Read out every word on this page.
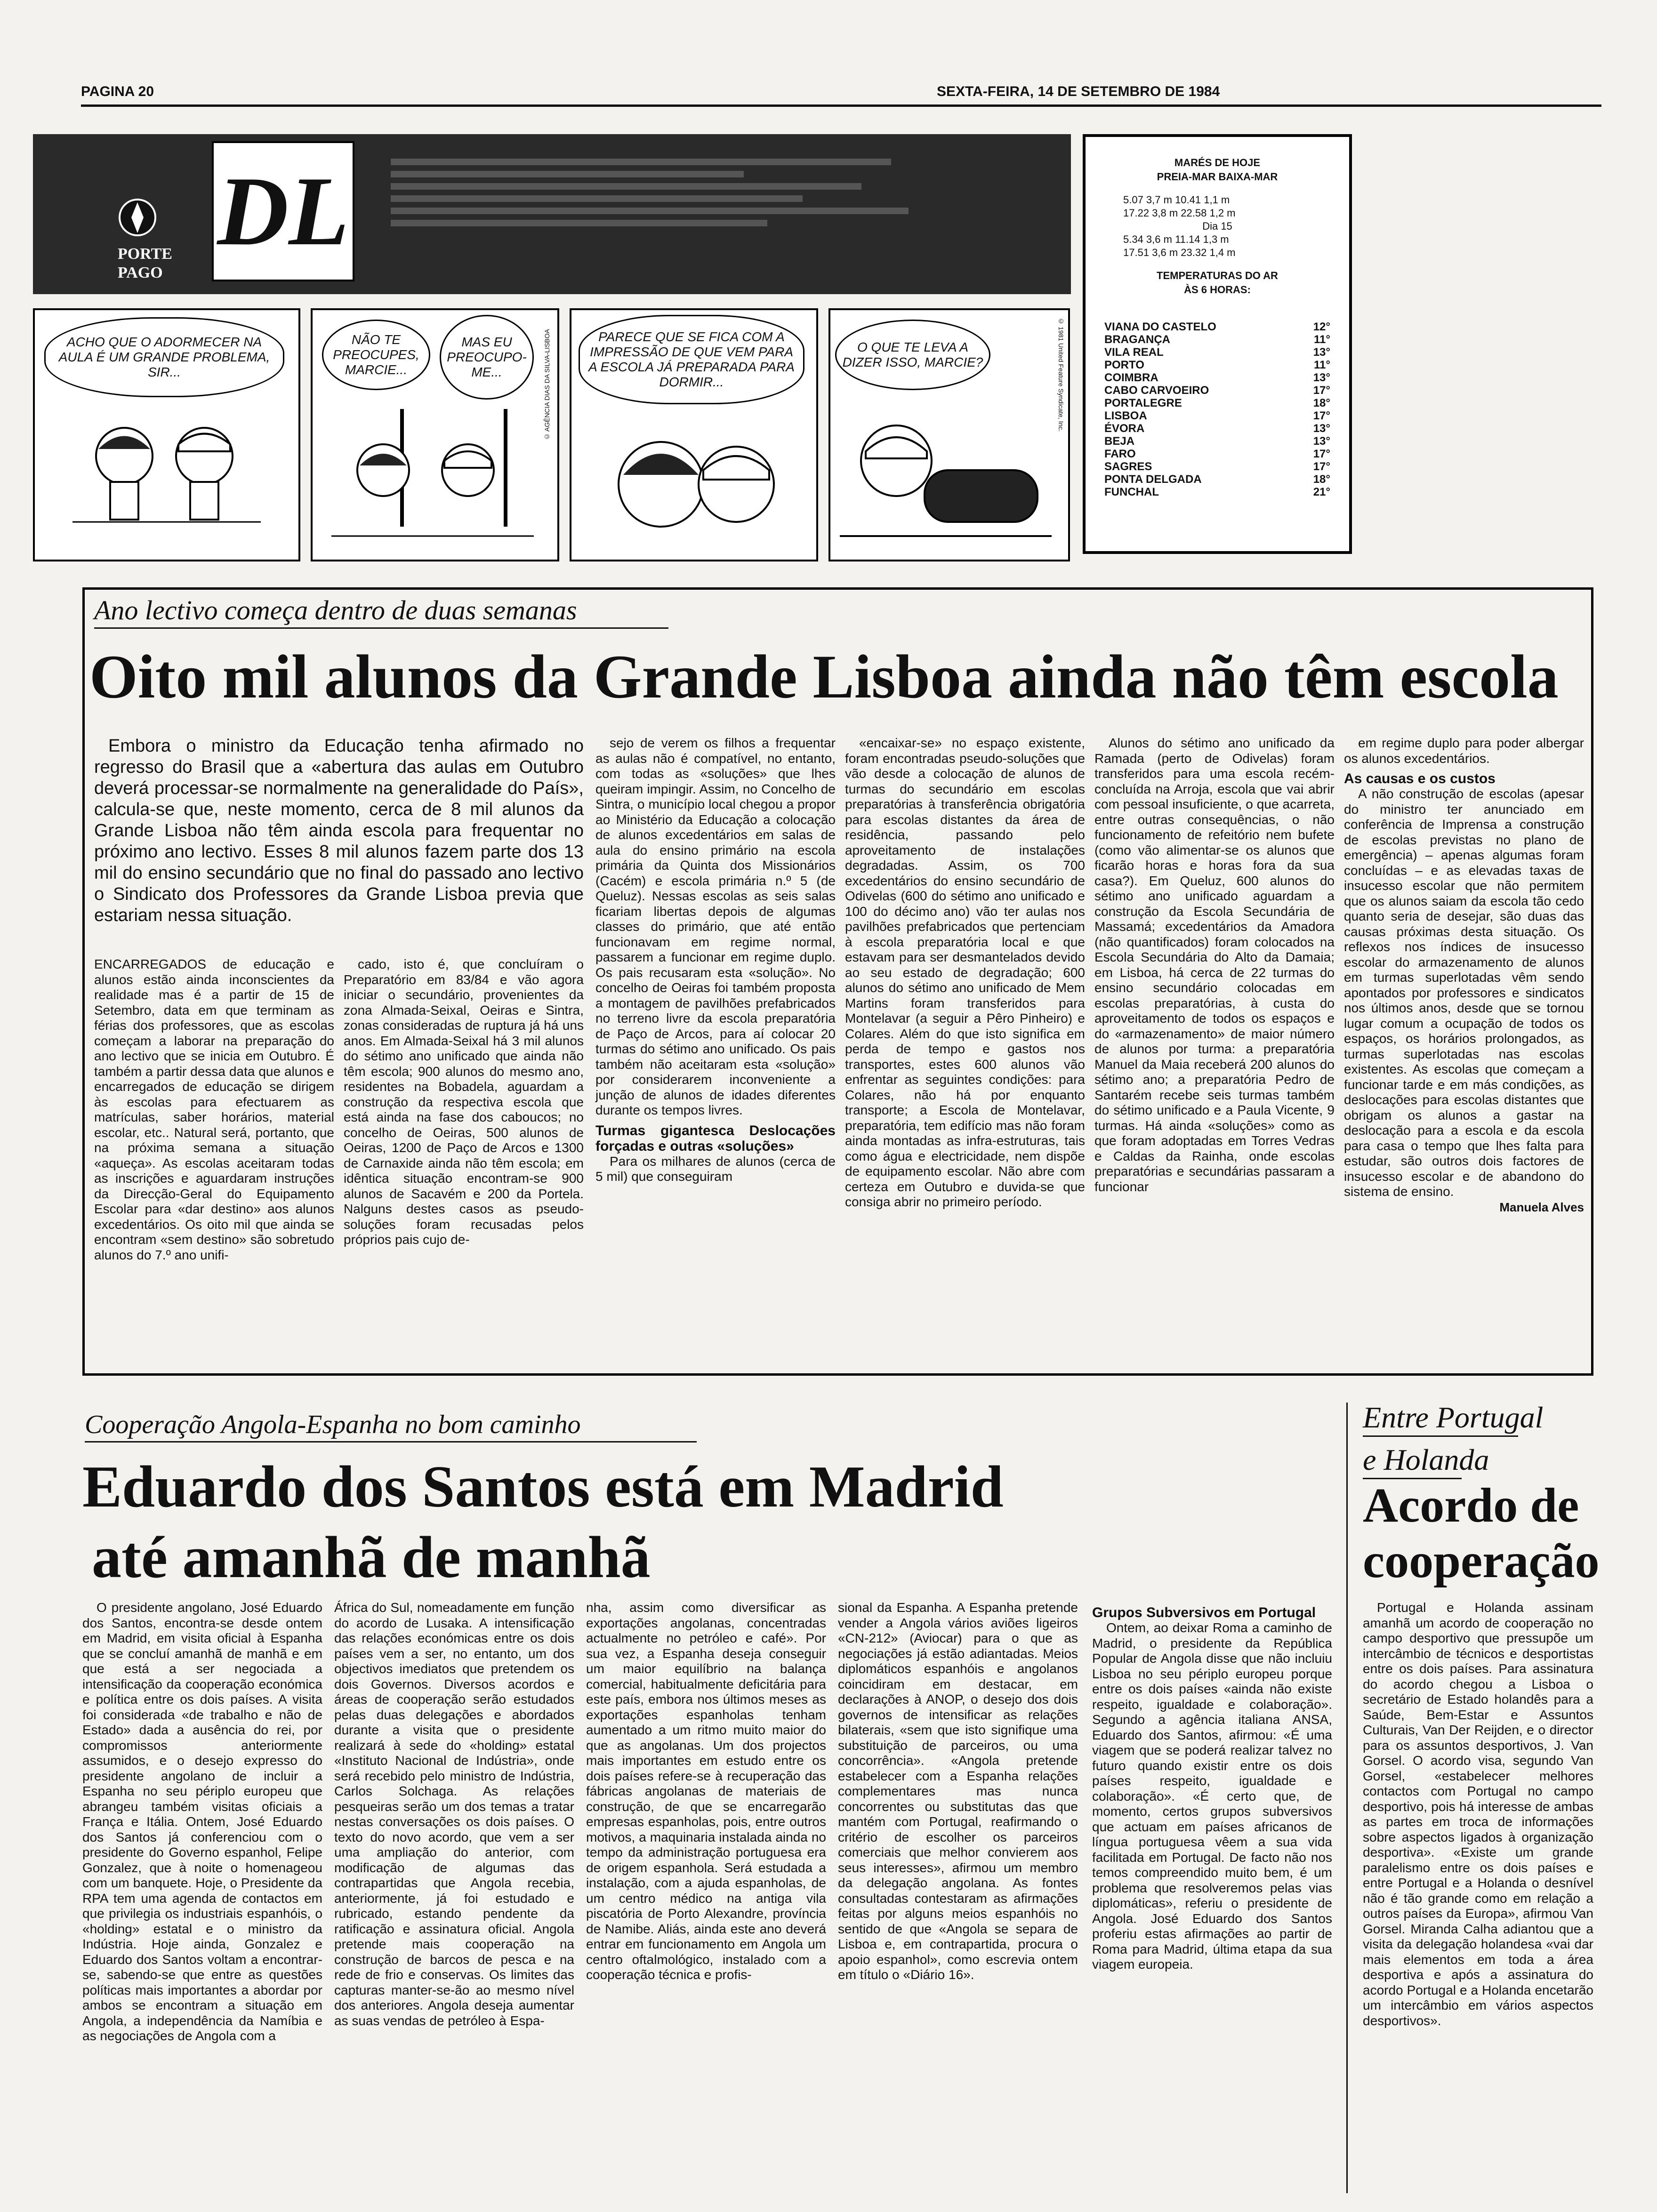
PAGINA 20	SEXTA-FEIRA, 14 DE SETEMBRO DE 1984
DL
PORTE
PAGO
ACHO QUE O ADORMECER NA AULA É UM GRANDE PROBLEMA, SIR...
NÃO TE PREOCUPES, MARCIE...
MAS EU PREOCUPO-ME...	© AGÊNCIA DIAS DA SILVA-LISBOA	PARECE QUE SE FICA COM A IMPRESSÃO DE QUE VEM PARA A ESCOLA JÁ PREPARADA PARA DORMIR...
O QUE TE LEVA A DIZER ISSO, MARCIE?	© 1981 United Feature Syndicate, Inc.
MARÉS DE HOJE
PREIA-MAR BAIXA-MAR
5.07 3,7 m 10.41 1,1 m
17.22 3,8 m 22.58 1,2 m
Dia 15
5.34 3,6 m 11.14 1,3 m
17.51 3,6 m 23.32 1,4 m
TEMPERATURAS DO AR
ÀS 6 HORAS:
VIANA DO CASTELO	12°
BRAGANÇA	11°
VILA REAL	13°
PORTO	11°
COIMBRA	13°
CABO CARVOEIRO	17°
PORTALEGRE	18°
LISBOA	17°
ÉVORA	13°
BEJA	13°
FARO	17°
SAGRES	17°
PONTA DELGADA	18°
FUNCHAL	21°
Ano lectivo começa dentro de duas semanas
Oito mil alunos da Grande Lisboa ainda não têm escola

Embora o ministro da Educação tenha afirmado no regresso do Brasil que a «abertura das aulas em Outubro deverá processar-se normalmente na generalidade do País», calcula-se que, neste momento, cerca de 8 mil alunos da Grande Lisboa não têm ainda escola para frequentar no próximo ano lectivo. Esses 8 mil alunos fazem parte dos 13 mil do ensino secundário que no final do passado ano lectivo o Sindicato dos Professores da Grande Lisboa previa que estariam nessa situação.

ENCARREGADOS de educação e alunos estão ainda inconscientes da realidade mas é a partir de 15 de Setembro, data em que terminam as férias dos professores, que as escolas começam a laborar na preparação do ano lectivo que se inicia em Outubro. É também a partir dessa data que alunos e encarregados de educação se dirigem às escolas para efectuarem as matrículas, saber horários, material escolar, etc.. Natural será, portanto, que na próxima semana a situação «aqueça». As escolas aceitaram todas as inscrições e aguardaram instruções da Direcção-Geral do Equipamento Escolar para «dar destino» aos alunos excedentários. Os oito mil que ainda se encontram «sem destino» são sobretudo alunos do 7.º ano unifi-

cado, isto é, que concluíram o Preparatório em 83/84 e vão agora iniciar o secundário, provenientes da zona Almada-Seixal, Oeiras e Sintra, zonas consideradas de ruptura já há uns anos. Em Almada-Seixal há 3 mil alunos do sétimo ano unificado que ainda não têm escola; 900 alunos do mesmo ano, residentes na Bobadela, aguardam a construção da respectiva escola que está ainda na fase dos caboucos; no concelho de Oeiras, 500 alunos de Oeiras, 1200 de Paço de Arcos e 1300 de Carnaxide ainda não têm escola; em idêntica situação encontram-se 900 alunos de Sacavém e 200 da Portela. Nalguns destes casos as pseudo-soluções foram recusadas pelos próprios pais cujo de-

sejo de verem os filhos a frequentar as aulas não é compatível, no entanto, com todas as «soluções» que lhes queiram impingir. Assim, no Concelho de Sintra, o município local chegou a propor ao Ministério da Educação a colocação de alunos excedentários em salas de aula do ensino primário na escola primária da Quinta dos Missionários (Cacém) e escola primária n.º 5 (de Queluz). Nessas escolas as seis salas ficariam libertas depois de algumas classes do primário, que até então funcionavam em regime normal, passarem a funcionar em regime duplo. Os pais recusaram esta «solução». No concelho de Oeiras foi também proposta a montagem de pavilhões prefabricados no terreno livre da escola preparatória de Paço de Arcos, para aí colocar 20 turmas do sétimo ano unificado. Os pais também não aceitaram esta «solução» por considerarem inconveniente a junção de alunos de idades diferentes durante os tempos livres.

Turmas gigantesca Deslocações forçadas e outras «soluções»

Para os milhares de alunos (cerca de 5 mil) que conseguiram

«encaixar-se» no espaço existente, foram encontradas pseudo-soluções que vão desde a colocação de alunos de turmas do secundário em escolas preparatórias à transferência obrigatória para escolas distantes da área de residência, passando pelo aproveitamento de instalações degradadas. Assim, os 700 excedentários do ensino secundário de Odivelas (600 do sétimo ano unificado e 100 do décimo ano) vão ter aulas nos pavilhões prefabricados que pertenciam à escola preparatória local e que estavam para ser desmantelados devido ao seu estado de degradação; 600 alunos do sétimo ano unificado de Mem Martins foram transferidos para Montelavar (a seguir a Pêro Pinheiro) e Colares. Além do que isto significa em perda de tempo e gastos nos transportes, estes 600 alunos vão enfrentar as seguintes condições: para Colares, não há por enquanto transporte; a Escola de Montelavar, preparatória, tem edifício mas não foram ainda montadas as infra-estruturas, tais como água e electricidade, nem dispõe de equipamento escolar. Não abre com certeza em Outubro e duvida-se que consiga abrir no primeiro período.

Alunos do sétimo ano unificado da Ramada (perto de Odivelas) foram transferidos para uma escola recém-concluída na Arroja, escola que vai abrir com pessoal insuficiente, o que acarreta, entre outras consequências, o não funcionamento de refeitório nem bufete (como vão alimentar-se os alunos que ficarão horas e horas fora da sua casa?). Em Queluz, 600 alunos do sétimo ano unificado aguardam a construção da Escola Secundária de Massamá; excedentários da Amadora (não quantificados) foram colocados na Escola Secundária do Alto da Damaia; em Lisboa, há cerca de 22 turmas do ensino secundário colocadas em escolas preparatórias, à custa do aproveitamento de todos os espaços e do «armazenamento» de maior número de alunos por turma: a preparatória Manuel da Maia receberá 200 alunos do sétimo ano; a preparatória Pedro de Santarém recebe seis turmas também do sétimo unificado e a Paula Vicente, 9 turmas. Há ainda «soluções» como as que foram adoptadas em Torres Vedras e Caldas da Rainha, onde escolas preparatórias e secundárias passaram a funcionar

em regime duplo para poder albergar os alunos excedentários.

As causas e os custos

A não construção de escolas (apesar do ministro ter anunciado em conferência de Imprensa a construção de escolas previstas no plano de emergência) – apenas algumas foram concluídas – e as elevadas taxas de insucesso escolar que não permitem que os alunos saiam da escola tão cedo quanto seria de desejar, são duas das causas próximas desta situação. Os reflexos nos índices de insucesso escolar do armazenamento de alunos em turmas superlotadas vêm sendo apontados por professores e sindicatos nos últimos anos, desde que se tornou lugar comum a ocupação de todos os espaços, os horários prolongados, as turmas superlotadas nas escolas existentes. As escolas que começam a funcionar tarde e em más condições, as deslocações para escolas distantes que obrigam os alunos a gastar na deslocação para a escola e da escola para casa o tempo que lhes falta para estudar, são outros dois factores de insucesso escolar e de abandono do sistema de ensino.

Manuela Alves
Cooperação Angola-Espanha no bom caminho
Eduardo dos Santos está em Madrid
até amanhã de manhã

O presidente angolano, José Eduardo dos Santos, encontra-se desde ontem em Madrid, em visita oficial à Espanha que se concluí amanhã de manhã e em que está a ser negociada a intensificação da cooperação económica e política entre os dois países. A visita foi considerada «de trabalho e não de Estado» dada a ausência do rei, por compromissos anteriormente assumidos, e o desejo expresso do presidente angolano de incluir a Espanha no seu périplo europeu que abrangeu também visitas oficiais a França e Itália. Ontem, José Eduardo dos Santos já conferenciou com o presidente do Governo espanhol, Felipe Gonzalez, que à noite o homenageou com um banquete. Hoje, o Presidente da RPA tem uma agenda de contactos em que privilegia os industriais espanhóis, o «holding» estatal e o ministro da Indústria. Hoje ainda, Gonzalez e Eduardo dos Santos voltam a encontrar-se, sabendo-se que entre as questões políticas mais importantes a abordar por ambos se encontram a situação em Angola, a independência da Namíbia e as negociações de Angola com a

África do Sul, nomeadamente em função do acordo de Lusaka. A intensificação das relações económicas entre os dois países vem a ser, no entanto, um dos objectivos imediatos que pretendem os dois Governos. Diversos acordos e áreas de cooperação serão estudados pelas duas delegações e abordados durante a visita que o presidente realizará à sede do «holding» estatal «Instituto Nacional de Indústria», onde será recebido pelo ministro de Indústria, Carlos Solchaga. As relações pesqueiras serão um dos temas a tratar nestas conversações os dois países. O texto do novo acordo, que vem a ser uma ampliação do anterior, com modificação de algumas das contrapartidas que Angola recebia, anteriormente, já foi estudado e rubricado, estando pendente da ratificação e assinatura oficial. Angola pretende mais cooperação na construção de barcos de pesca e na rede de frio e conservas. Os limites das capturas manter-se-ão ao mesmo nível dos anteriores. Angola deseja aumentar as suas vendas de petróleo à Espa-

nha, assim como diversificar as exportações angolanas, concentradas actualmente no petróleo e café». Por sua vez, a Espanha deseja conseguir um maior equilíbrio na balança comercial, habitualmente deficitária para este país, embora nos últimos meses as exportações espanholas tenham aumentado a um ritmo muito maior do que as angolanas. Um dos projectos mais importantes em estudo entre os dois países refere-se à recuperação das fábricas angolanas de materiais de construção, de que se encarregarão empresas espanholas, pois, entre outros motivos, a maquinaria instalada ainda no tempo da administração portuguesa era de origem espanhola. Será estudada a instalação, com a ajuda espanholas, de um centro médico na antiga vila piscatória de Porto Alexandre, província de Namibe. Aliás, ainda este ano deverá entrar em funcionamento em Angola um centro oftalmológico, instalado com a cooperação técnica e profis-

sional da Espanha. A Espanha pretende vender a Angola vários aviões ligeiros «CN-212» (Aviocar) para o que as negociações já estão adiantadas. Meios diplomáticos espanhóis e angolanos coincidiram em destacar, em declarações à ANOP, o desejo dos dois governos de intensificar as relações bilaterais, «sem que isto signifique uma substituição de parceiros, ou uma concorrência». «Angola pretende estabelecer com a Espanha relações complementares mas nunca concorrentes ou substitutas das que mantém com Portugal, reafirmando o critério de escolher os parceiros comerciais que melhor convierem aos seus interesses», afirmou um membro da delegação angolana. As fontes consultadas contestaram as afirmações feitas por alguns meios espanhóis no sentido de que «Angola se separa de Lisboa e, em contrapartida, procura o apoio espanhol», como escrevia ontem em título o «Diário 16».

Grupos Subversivos em Portugal

Ontem, ao deixar Roma a caminho de Madrid, o presidente da República Popular de Angola disse que não incluiu Lisboa no seu périplo europeu porque entre os dois países «ainda não existe respeito, igualdade e colaboração». Segundo a agência italiana ANSA, Eduardo dos Santos, afirmou: «É uma viagem que se poderá realizar talvez no futuro quando existir entre os dois países respeito, igualdade e colaboração». «É certo que, de momento, certos grupos subversivos que actuam em países africanos de língua portuguesa vêem a sua vida facilitada em Portugal. De facto não nos temos compreendido muito bem, é um problema que resolveremos pelas vias diplomáticas», referiu o presidente de Angola. José Eduardo dos Santos proferiu estas afirmações ao partir de Roma para Madrid, última etapa da sua viagem europeia.

Entre Portugal
e Holanda
Acordo de
cooperação

Portugal e Holanda assinam amanhã um acordo de cooperação no campo desportivo que pressupõe um intercâmbio de técnicos e desportistas entre os dois países. Para assinatura do acordo chegou a Lisboa o secretário de Estado holandês para a Saúde, Bem-Estar e Assuntos Culturais, Van Der Reijden, e o director para os assuntos desportivos, J. Van Gorsel. O acordo visa, segundo Van Gorsel, «estabelecer melhores contactos com Portugal no campo desportivo, pois há interesse de ambas as partes em troca de informações sobre aspectos ligados à organização desportiva». «Existe um grande paralelismo entre os dois países e entre Portugal e a Holanda o desnível não é tão grande como em relação a outros países da Europa», afirmou Van Gorsel. Miranda Calha adiantou que a visita da delegação holandesa «vai dar mais elementos em toda a área desportiva e após a assinatura do acordo Portugal e a Holanda encetarão um intercâmbio em vários aspectos desportivos».
